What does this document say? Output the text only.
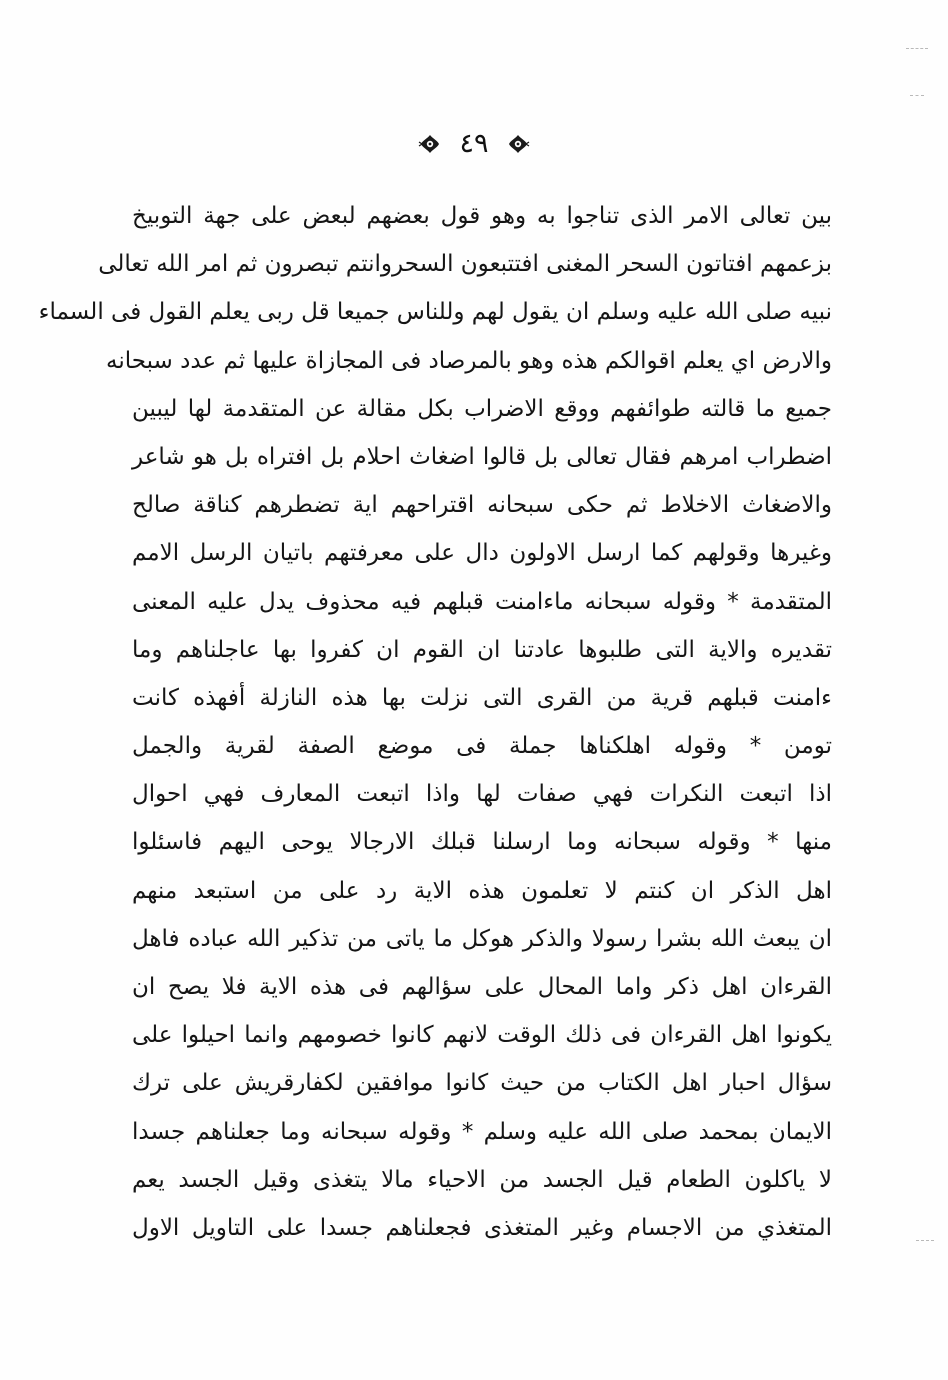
٤٩
بين تعالى الامر الذى تناجوا به وهو قول بعضهم لبعض على جهة التوبيخ
بزعمهم افتاتون السحر المغنى افتتبعون السحروانتم تبصرون ثم امر الله تعالى
نبيه صلى الله عليه وسلم ان يقول لهم وللناس جميعا قل ربى يعلم القول فى السماء
والارض اي يعلم اقوالكم هذه وهو بالمرصاد فى المجازاة عليها ثم عدد سبحانه
جميع ما قالته طوائفهم ووقع الاضراب بكل مقالة عن المتقدمة لها ليبين
اضطراب امرهم فقال تعالى بل قالوا اضغاث احلام بل افتراه بل هو شاعر
والاضغاث الاخلاط ثم حكى سبحانه اقتراحهم اية تضطرهم كناقة صالح
وغيرها وقولهم كما ارسل الاولون دال على معرفتهم باتيان الرسل الامم
المتقدمة * وقوله سبحانه ماءامنت قبلهم فيه محذوف يدل عليه المعنى
تقديره والاية التى طلبوها عادتنا ان القوم ان كفروا بها عاجلناهم وما
ءامنت قبلهم قرية من القرى التى نزلت بها هذه النازلة أفهذه كانت
تومن * وقوله اهلكناها جملة فى موضع الصفة لقرية والجمل
اذا اتبعت النكرات فهي صفات لها واذا اتبعت المعارف فهي احوال
منها * وقوله سبحانه وما ارسلنا قبلك الارجالا يوحى اليهم فاسئلوا
اهل الذكر ان كنتم لا تعلمون هذه الاية رد على من استبعد منهم
ان يبعث الله بشرا رسولا والذكر هوكل ما ياتى من تذكير الله عباده فاهل
القرءان اهل ذكر واما المحال على سؤالهم فى هذه الاية فلا يصح ان
يكونوا اهل القرءان فى ذلك الوقت لانهم كانوا خصومهم وانما احيلوا على
سؤال احبار اهل الكتاب من حيث كانوا موافقين لكفارقريش على ترك
الايمان بمحمد صلى الله عليه وسلم * وقوله سبحانه وما جعلناهم جسدا
لا ياكلون الطعام قيل الجسد من الاحياء مالا يتغذى وقيل الجسد يعم
المتغذي من الاجسام وغير المتغذى فجعلناهم جسدا على التاويل الاول
